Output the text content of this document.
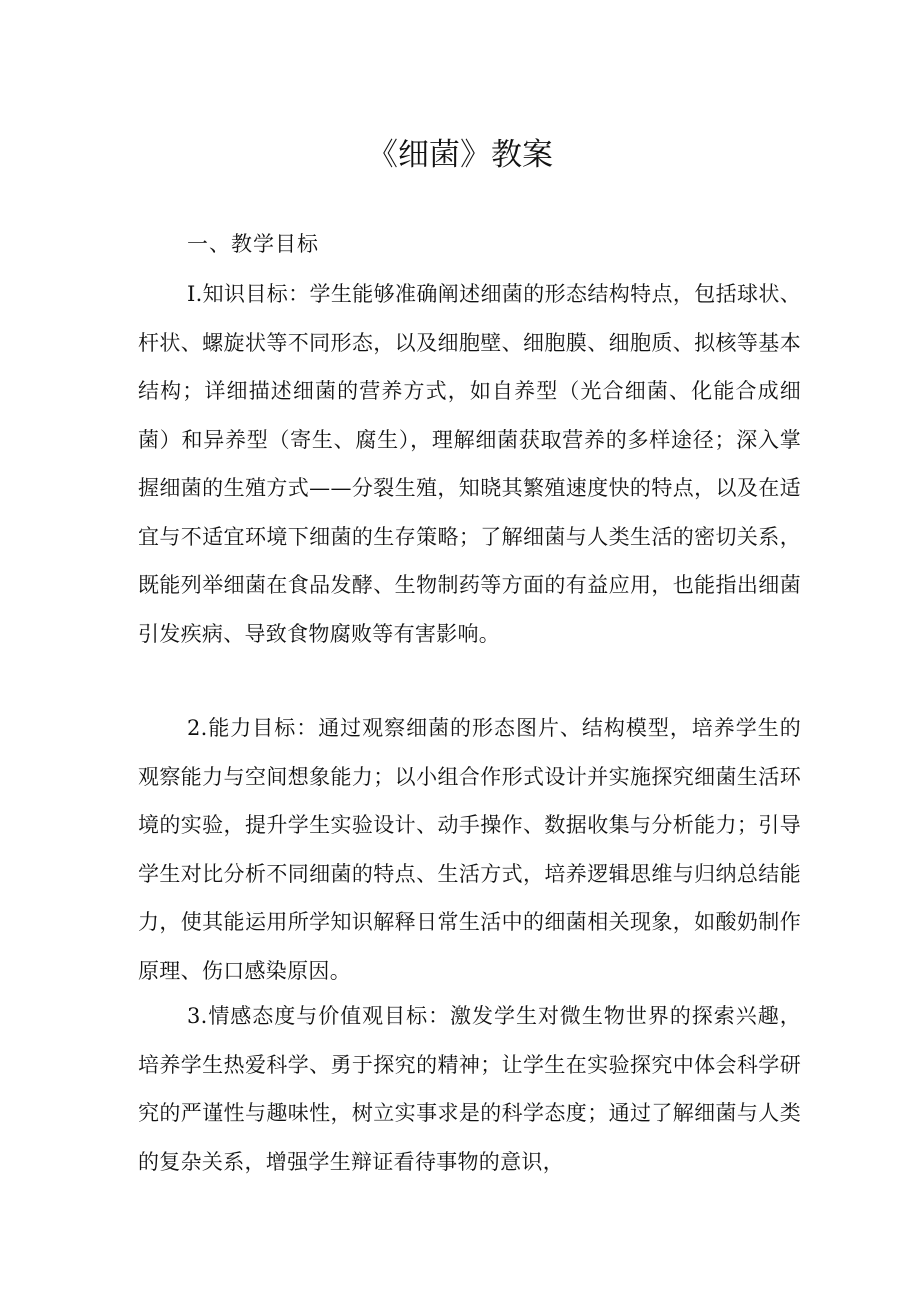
《细菌》教案
一、教学目标

I.知识目标：学生能够准确阐述细菌的形态结构特点，包括球状、杆状、螺旋状等不同形态，以及细胞壁、细胞膜、细胞质、拟核等基本结构；详细描述细菌的营养方式，如自养型（光合细菌、化能合成细菌）和异养型（寄生、腐生），理解细菌获取营养的多样途径；深入掌握细菌的生殖方式——分裂生殖，知晓其繁殖速度快的特点，以及在适宜与不适宜环境下细菌的生存策略；了解细菌与人类生活的密切关系，既能列举细菌在食品发酵、生物制药等方面的有益应用，也能指出细菌引发疾病、导致食物腐败等有害影响。

2.能力目标：通过观察细菌的形态图片、结构模型，培养学生的观察能力与空间想象能力；以小组合作形式设计并实施探究细菌生活环境的实验，提升学生实验设计、动手操作、数据收集与分析能力；引导学生对比分析不同细菌的特点、生活方式，培养逻辑思维与归纳总结能力，使其能运用所学知识解释日常生活中的细菌相关现象，如酸奶制作原理、伤口感染原因。

3.情感态度与价值观目标：激发学生对微生物世界的探索兴趣，培养学生热爱科学、勇于探究的精神；让学生在实验探究中体会科学研究的严谨性与趣味性，树立实事求是的科学态度；通过了解细菌与人类的复杂关系，增强学生辩证看待事物的意识，
